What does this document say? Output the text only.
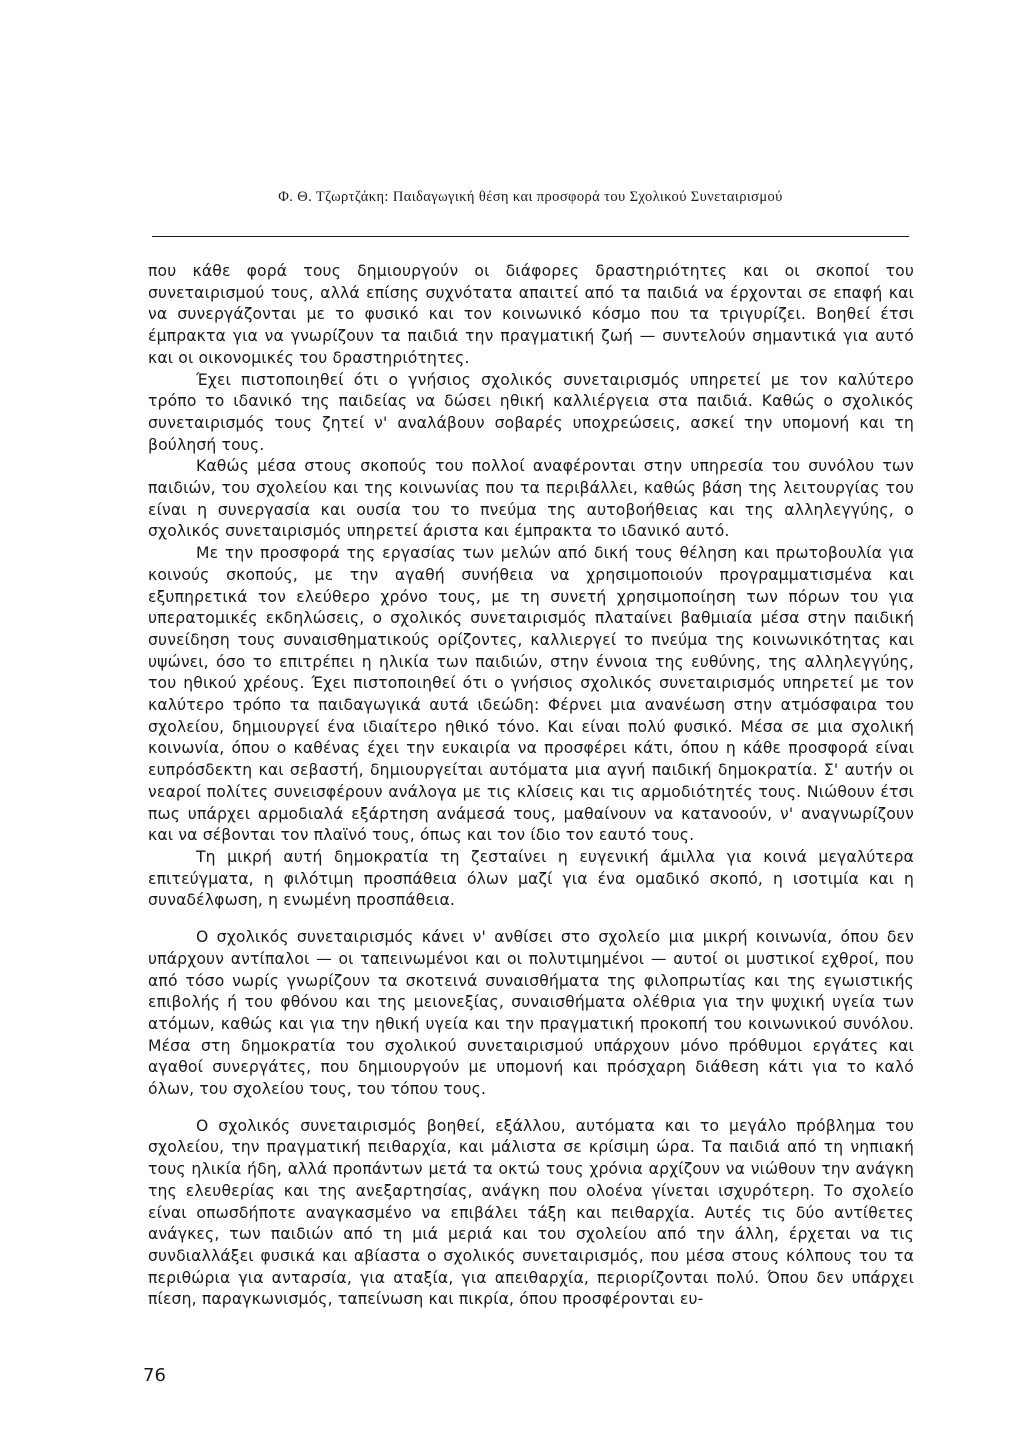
Φ. Θ. Τζωρτζάκη: Παιδαγωγική θέση και προσφορά του Σχολικού Συνεταιρισμού

που κάθε φορά τους δημιουργούν οι διάφορες δραστηριότητες και οι σκοποί του συνεταιρισμού τους, αλλά επίσης συχνότατα απαιτεί από τα παιδιά να έρχονται σε επαφή και να συνεργάζονται με το φυσικό και τον κοινωνικό κόσμο που τα τριγυρίζει. Βοηθεί έτσι έμπρακτα για να γνωρίζουν τα παιδιά την πραγματική ζωή — συντελούν σημαντικά για αυτό και οι οικονομικές του δραστηριότητες.

Έχει πιστοποιηθεί ότι ο γνήσιος σχολικός συνεταιρισμός υπηρετεί με τον καλύτερο τρόπο το ιδανικό της παιδείας να δώσει ηθική καλλιέργεια στα παιδιά. Καθώς ο σχολικός συνεταιρισμός τους ζητεί ν' αναλάβουν σοβαρές υποχρεώσεις, ασκεί την υπομονή και τη βούλησή τους.

Καθώς μέσα στους σκοπούς του πολλοί αναφέρονται στην υπηρεσία του συνόλου των παιδιών, του σχολείου και της κοινωνίας που τα περιβάλλει, καθώς βάση της λειτουργίας του είναι η συνεργασία και ουσία του το πνεύμα της αυτοβοήθειας και της αλληλεγγύης, ο σχολικός συνεταιρισμός υπηρετεί άριστα και έμπρακτα το ιδανικό αυτό.

Με την προσφορά της εργασίας των μελών από δική τους θέληση και πρωτοβουλία για κοινούς σκοπούς, με την αγαθή συνήθεια να χρησιμοποιούν προγραμματισμένα και εξυπηρετικά τον ελεύθερο χρόνο τους, με τη συνετή χρησιμοποίηση των πόρων του για υπερατομικές εκδηλώσεις, ο σχολικός συνεταιρισμός πλαταίνει βαθμιαία μέσα στην παιδική συνείδηση τους συναισθηματικούς ορίζοντες, καλλιεργεί το πνεύμα της κοινωνικότητας και υψώνει, όσο το επιτρέπει η ηλικία των παιδιών, στην έννοια της ευθύνης, της αλληλεγγύης, του ηθικού χρέους. Έχει πιστοποιηθεί ότι ο γνήσιος σχολικός συνεταιρισμός υπηρετεί με τον καλύτερο τρόπο τα παιδαγωγικά αυτά ιδεώδη: Φέρνει μια ανανέωση στην ατμόσφαιρα του σχολείου, δημιουργεί ένα ιδιαίτερο ηθικό τόνο. Και είναι πολύ φυσικό. Μέσα σε μια σχολική κοινωνία, όπου ο καθένας έχει την ευκαιρία να προσφέρει κάτι, όπου η κάθε προσφορά είναι ευπρόσδεκτη και σεβαστή, δημιουργείται αυτόματα μια αγνή παιδική δημοκρατία. Σ' αυτήν οι νεαροί πολίτες συνεισφέρουν ανάλογα με τις κλίσεις και τις αρμοδιότητές τους. Νιώθουν έτσι πως υπάρχει αρμοδιαλά εξάρτηση ανάμεσά τους, μαθαίνουν να κατανοούν, ν' αναγνωρίζουν και να σέβονται τον πλαϊνό τους, όπως και τον ίδιο τον εαυτό τους.

Τη μικρή αυτή δημοκρατία τη ζεσταίνει η ευγενική άμιλλα για κοινά μεγαλύτερα επιτεύγματα, η φιλότιμη προσπάθεια όλων μαζί για ένα ομαδικό σκοπό, η ισοτιμία και η συναδέλφωση, η ενωμένη προσπάθεια.

Ο σχολικός συνεταιρισμός κάνει ν' ανθίσει στο σχολείο μια μικρή κοινωνία, όπου δεν υπάρχουν αντίπαλοι — οι ταπεινωμένοι και οι πολυτιμημένοι — αυτοί οι μυστικοί εχθροί, που από τόσο νωρίς γνωρίζουν τα σκοτεινά συναισθήματα της φιλοπρωτίας και της εγωιστικής επιβολής ή του φθόνου και της μειονεξίας, συναισθήματα ολέθρια για την ψυχική υγεία των ατόμων, καθώς και για την ηθική υγεία και την πραγματική προκοπή του κοινωνικού συνόλου. Μέσα στη δημοκρατία του σχολικού συνεταιρισμού υπάρχουν μόνο πρόθυμοι εργάτες και αγαθοί συνεργάτες, που δημιουργούν με υπομονή και πρόσχαρη διάθεση κάτι για το καλό όλων, του σχολείου τους, του τόπου τους.

Ο σχολικός συνεταιρισμός βοηθεί, εξάλλου, αυτόματα και το μεγάλο πρόβλημα του σχολείου, την πραγματική πειθαρχία, και μάλιστα σε κρίσιμη ώρα. Τα παιδιά από τη νηπιακή τους ηλικία ήδη, αλλά προπάντων μετά τα οκτώ τους χρόνια αρχίζουν να νιώθουν την ανάγκη της ελευθερίας και της ανεξαρτησίας, ανάγκη που ολοένα γίνεται ισχυρότερη. Το σχολείο είναι οπωσδήποτε αναγκασμένο να επιβάλει τάξη και πειθαρχία. Αυτές τις δύο αντίθετες ανάγκες, των παιδιών από τη μιά μεριά και του σχολείου από την άλλη, έρχεται να τις συνδιαλλάξει φυσικά και αβίαστα ο σχολικός συνεταιρισμός, που μέσα στους κόλπους του τα περιθώρια για ανταρσία, για αταξία, για απειθαρχία, περιορίζονται πολύ. Όπου δεν υπάρχει πίεση, παραγκωνισμός, ταπείνωση και πικρία, όπου προσφέρονται ευ-

76
